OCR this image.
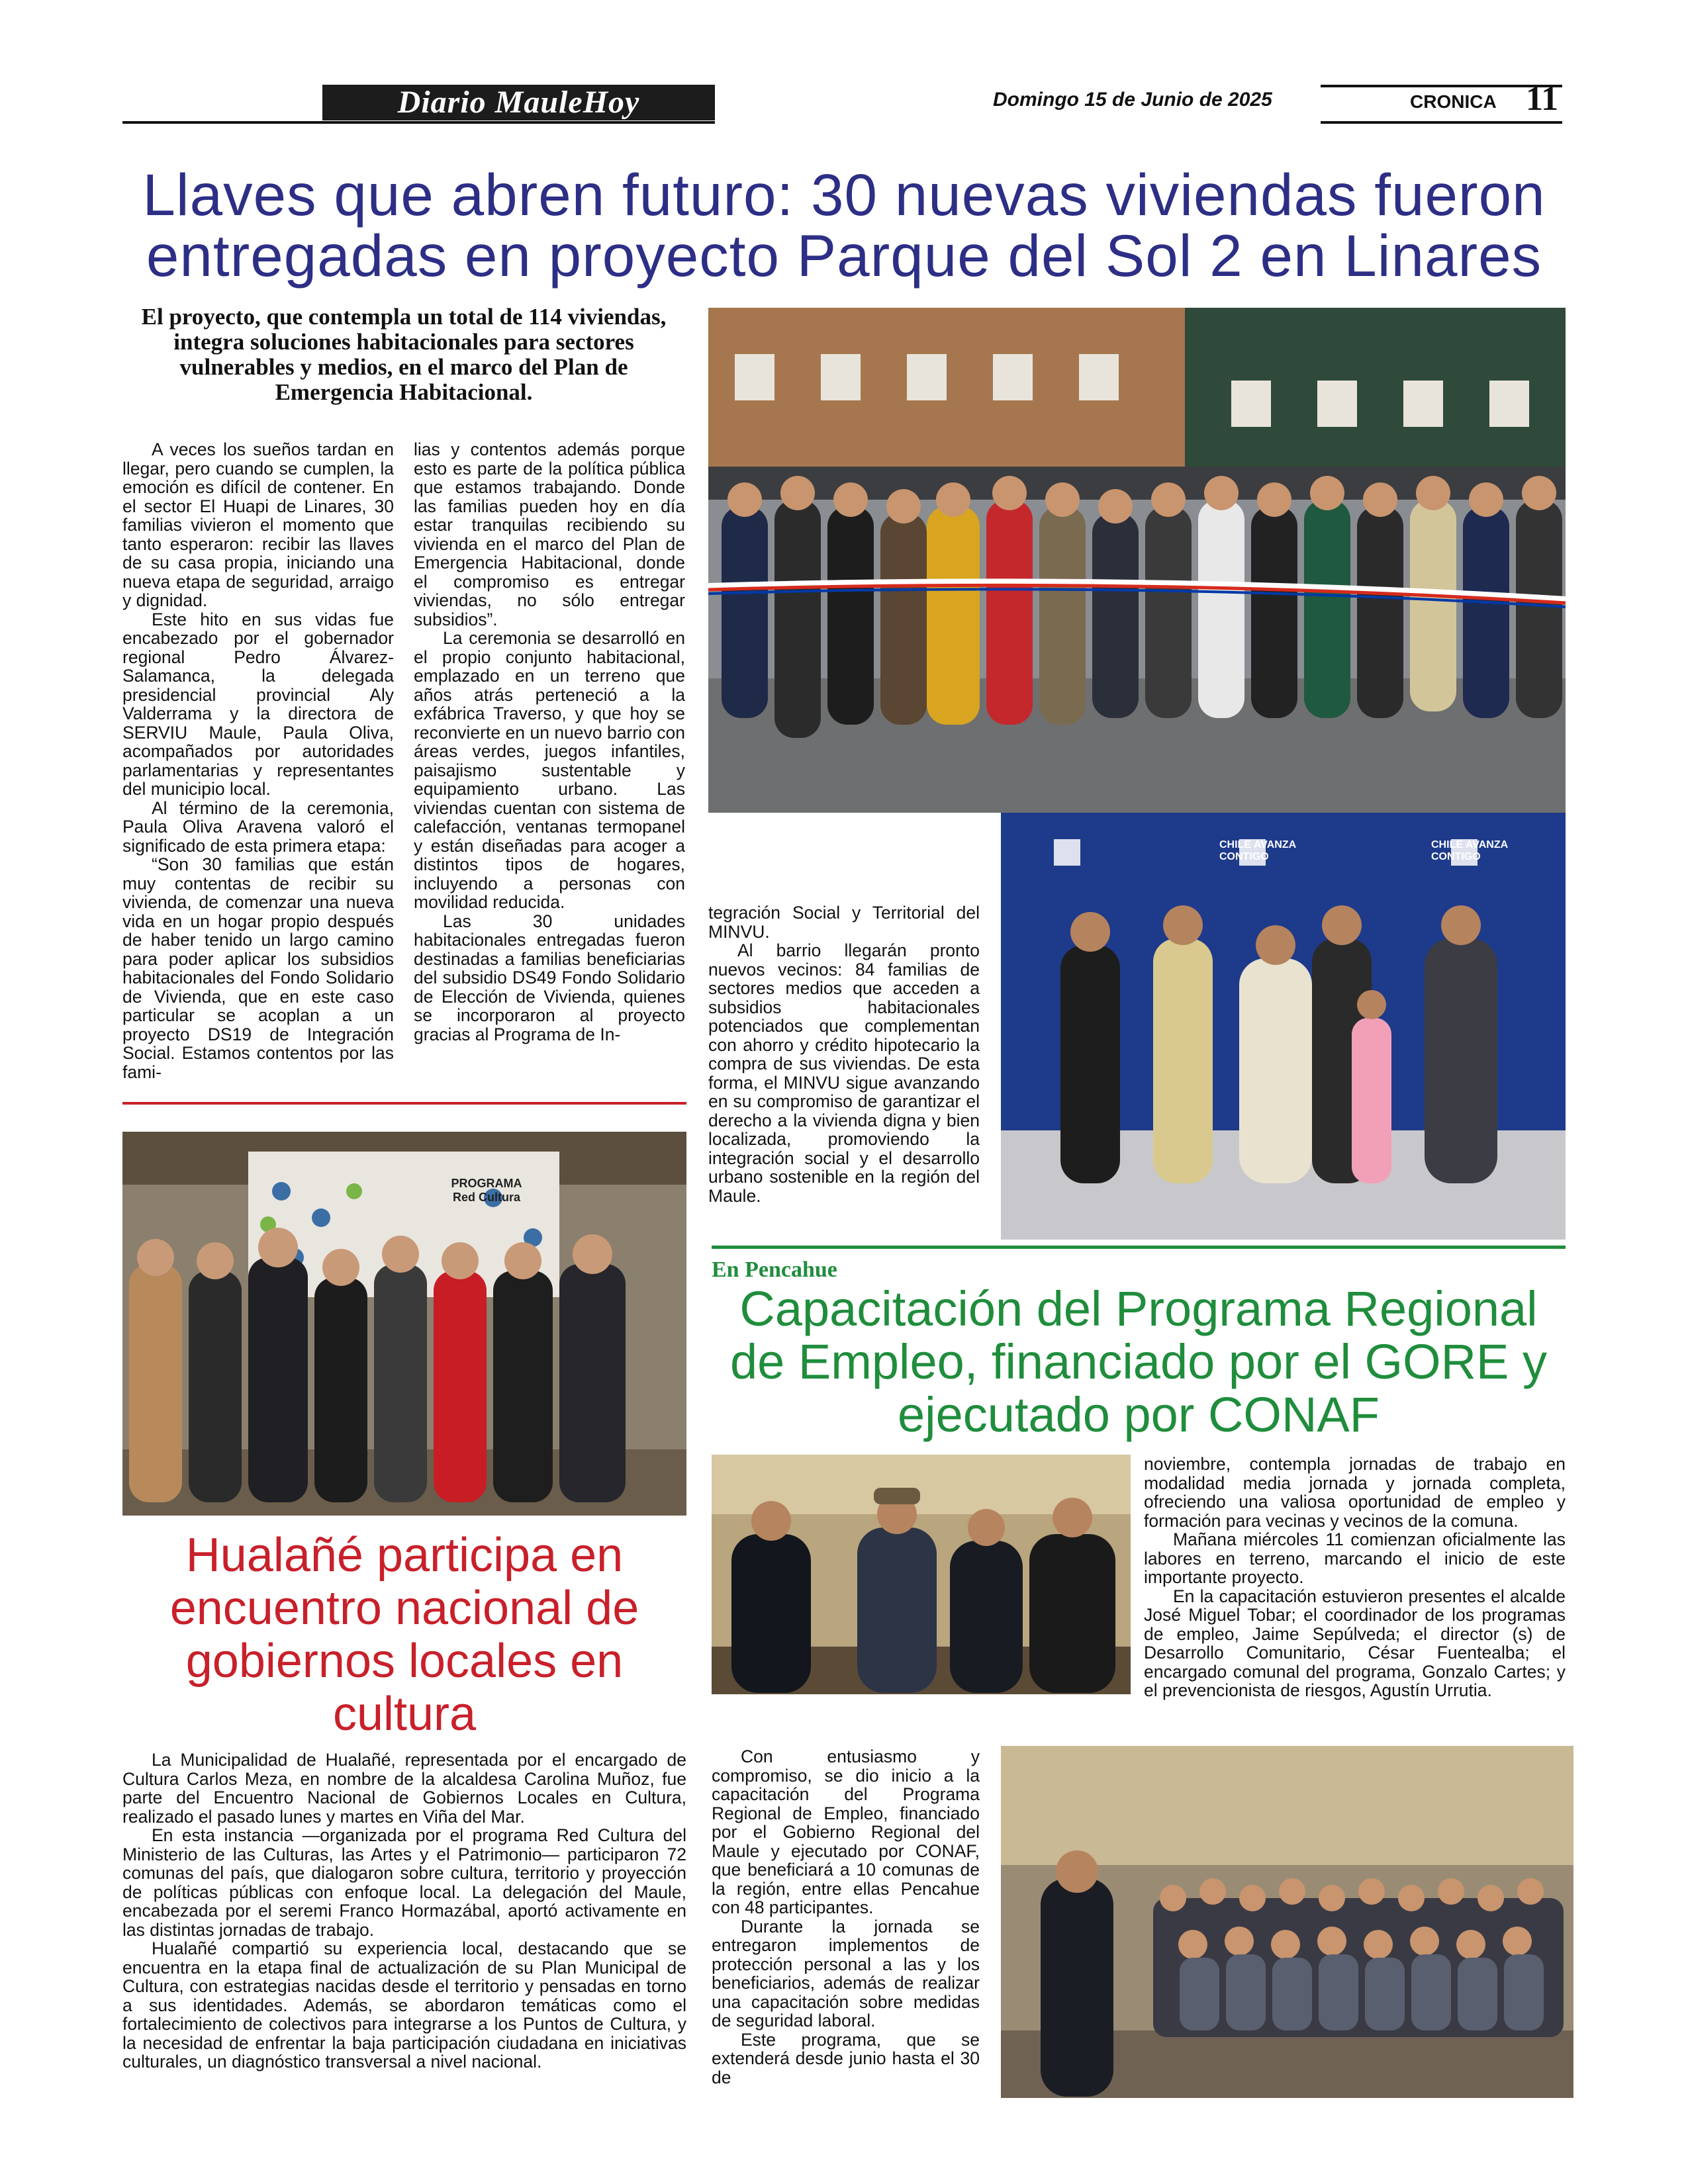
Diario MauleHoy	Domingo 15 de Junio de 2025	CRONICA 11
Llaves que abren futuro: 30 nuevas viviendas fueron entregadas en proyecto Parque del Sol 2 en Linares
El proyecto, que contempla un total de 114 viviendas, integra soluciones habitacionales para sectores vulnerables y medios, en el marco del Plan de Emergencia Habitacional.

A veces los sueños tardan en llegar, pero cuando se cumplen, la emoción es difícil de contener. En el sector El Huapi de Linares, 30 familias vivieron el momento que tanto esperaron: recibir las llaves de su casa propia, iniciando una nueva etapa de seguridad, arraigo y dignidad.

Este hito en sus vidas fue encabezado por el gobernador regional Pedro Álvarez-Salamanca, la delegada presidencial provincial Aly Valderrama y la directora de SERVIU Maule, Paula Oliva, acompañados por autoridades parlamentarias y representantes del municipio local.

Al término de la ceremonia, Paula Oliva Aravena valoró el significado de esta primera etapa:

“Son 30 familias que están muy contentas de recibir su vivienda, de comenzar una nueva vida en un hogar propio después de haber tenido un largo camino para poder aplicar los subsidios habitacionales del Fondo Solidario de Vivienda, que en este caso particular se acoplan a un proyecto DS19 de Integración Social. Estamos contentos por las fami-

lias y contentos además porque esto es parte de la política pública que estamos trabajando. Donde las familias pueden hoy en día estar tranquilas recibiendo su vivienda en el marco del Plan de Emergencia Habitacional, donde el compromiso es entregar viviendas, no sólo entregar subsidios”.

La ceremonia se desarrolló en el propio conjunto habitacional, emplazado en un terreno que años atrás perteneció a la exfábrica Traverso, y que hoy se reconvierte en un nuevo barrio con áreas verdes, juegos infantiles, paisajismo sustentable y equipamiento urbano. Las viviendas cuentan con sistema de calefacción, ventanas termopanel y están diseñadas para acoger a distintos tipos de hogares, incluyendo a personas con movilidad reducida.

Las 30 unidades habitacionales entregadas fueron destinadas a familias beneficiarias del subsidio DS49 Fondo Solidario de Elección de Vivienda, quienes se incorporaron al proyecto gracias al Programa de In-

tegración Social y Territorial del MINVU.

Al barrio llegarán pronto nuevos vecinos: 84 familias de sectores medios que acceden a subsidios habitacionales potenciados que complementan con ahorro y crédito hipotecario la compra de sus viviendas. De esta forma, el MINVU sigue avanzando en su compromiso de garantizar el derecho a la vivienda digna y bien localizada, promoviendo la integración social y el desarrollo urbano sostenible en la región del Maule.

CHILE AVANZA CONTIGO
CHILE AVANZA CONTIGO
PROGRAMA Red Cultura
Hualañé participa en encuentro nacional de gobiernos locales en cultura

La Municipalidad de Hualañé, representada por el encargado de Cultura Carlos Meza, en nombre de la alcaldesa Carolina Muñoz, fue parte del Encuentro Nacional de Gobiernos Locales en Cultura, realizado el pasado lunes y martes en Viña del Mar.

En esta instancia —organizada por el programa Red Cultura del Ministerio de las Culturas, las Artes y el Patrimonio— participaron 72 comunas del país, que dialogaron sobre cultura, territorio y proyección de políticas públicas con enfoque local. La delegación del Maule, encabezada por el seremi Franco Hormazábal, aportó activamente en las distintas jornadas de trabajo.

Hualañé compartió su experiencia local, destacando que se encuentra en la etapa final de actualización de su Plan Municipal de Cultura, con estrategias nacidas desde el territorio y pensadas en torno a sus identidades. Además, se abordaron temáticas como el fortalecimiento de colectivos para integrarse a los Puntos de Cultura, y la necesidad de enfrentar la baja participación ciudadana en iniciativas culturales, un diagnóstico transversal a nivel nacional.

En Pencahue
Capacitación del Programa Regional de Empleo, financiado por el GORE y ejecutado por CONAF

noviembre, contempla jornadas de trabajo en modalidad media jornada y jornada completa, ofreciendo una valiosa oportunidad de empleo y formación para vecinas y vecinos de la comuna.

Mañana miércoles 11 comienzan oficialmente las labores en terreno, marcando el inicio de este importante proyecto.

En la capacitación estuvieron presentes el alcalde José Miguel Tobar; el coordinador de los programas de empleo, Jaime Sepúlveda; el director (s) de Desarrollo Comunitario, César Fuentealba; el encargado comunal del programa, Gonzalo Cartes; y el prevencionista de riesgos, Agustín Urrutia.

Con entusiasmo y compromiso, se dio inicio a la capacitación del Programa Regional de Empleo, financiado por el Gobierno Regional del Maule y ejecutado por CONAF, que beneficiará a 10 comunas de la región, entre ellas Pencahue con 48 participantes.

Durante la jornada se entregaron implementos de protección personal a las y los beneficiarios, además de realizar una capacitación sobre medidas de seguridad laboral.

Este programa, que se extenderá desde junio hasta el 30 de
